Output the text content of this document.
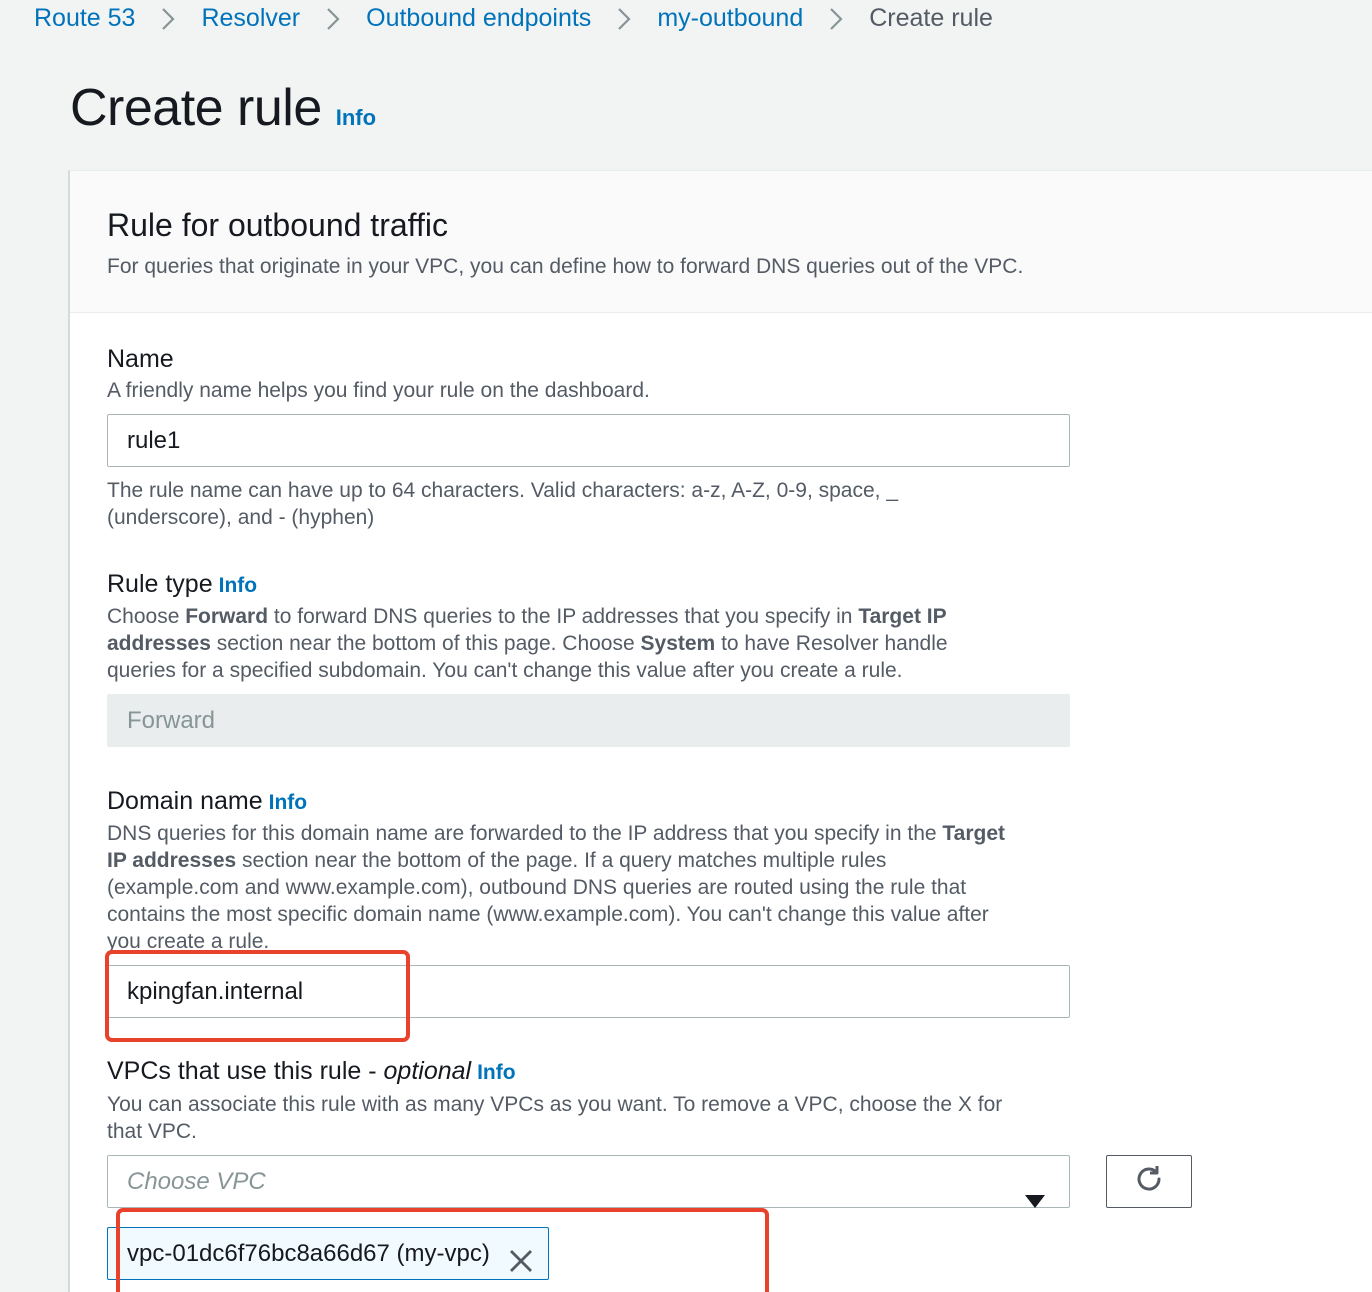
Route 53	Resolver	Outbound endpoints	my-outbound	Create rule
Create rule Info
Rule for outbound traffic

For queries that originate in your VPC, you can define how to forward DNS queries out of the VPC.

Name
A friendly name helps you find your rule on the dashboard.
rule1
The rule name can have up to 64 characters. Valid characters: a-z, A-Z, 0-9, space, _ (underscore), and - (hyphen)
Rule type Info
Choose Forward to forward DNS queries to the IP addresses that you specify in Target IP addresses section near the bottom of this page. Choose System to have Resolver handle queries for a specified subdomain. You can't change this value after you create a rule.
Forward
Domain name Info
DNS queries for this domain name are forwarded to the IP address that you specify in the Target IP addresses section near the bottom of the page. If a query matches multiple rules (example.com and www.example.com), outbound DNS queries are routed using the rule that contains the most specific domain name (www.example.com). You can't change this value after you create a rule.
kpingfan.internal
VPCs that use this rule - optional Info
You can associate this rule with as many VPCs as you want. To remove a VPC, choose the X for that VPC.
Choose VPC
vpc-01dc6f76bc8a66d67 (my-vpc)
